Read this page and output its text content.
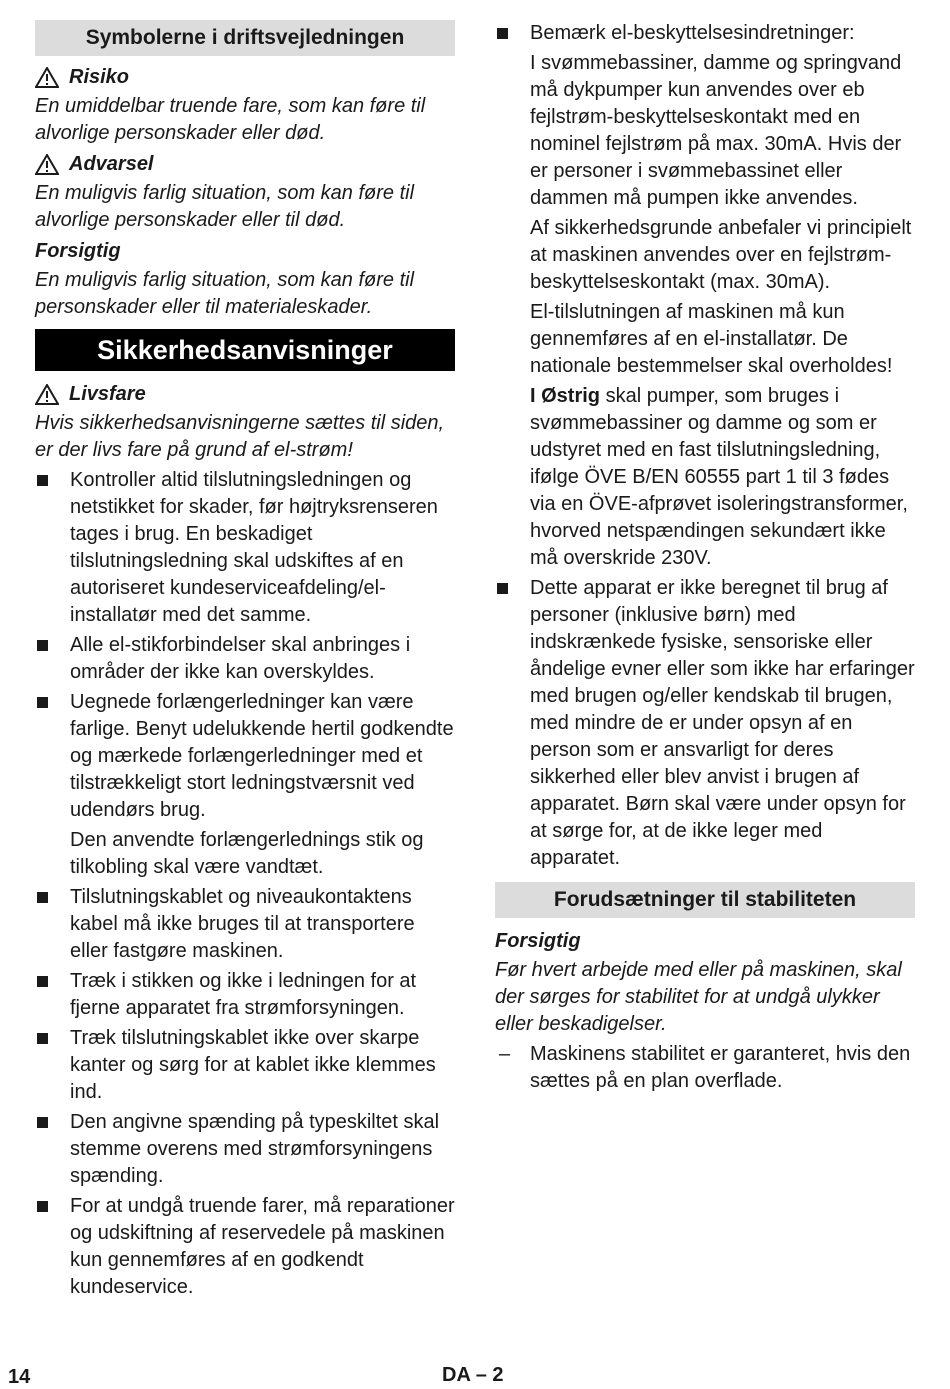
Symbolerne i driftsvejledningen
Risiko
En umiddelbar truende fare, som kan føre til alvorlige personskader eller død.
Advarsel
En muligvis farlig situation, som kan føre til alvorlige personskader eller til død.
Forsigtig
En muligvis farlig situation, som kan føre til personskader eller til materialeskader.
Sikkerhedsanvisninger
Livsfare
Hvis sikkerhedsanvisningerne sættes til siden, er der livs fare på grund af el-strøm!
Kontroller altid tilslutningsledningen og netstikket for skader, før højtryksrenseren tages i brug. En beskadiget tilslutningsledning skal udskiftes af en autoriseret kundeserviceafdeling/el-installatør med det samme.
Alle el-stikforbindelser skal anbringes i områder der ikke kan overskyldes.
Uegnede forlængerledninger kan være farlige. Benyt udelukkende hertil godkendte og mærkede forlængerledninger med et tilstrækkeligt stort ledningstværsnit ved udendørs brug.
Den anvendte forlængerlednings stik og tilkobling skal være vandtæt.
Tilslutningskablet og niveaukontaktens kabel må ikke bruges til at transportere eller fastgøre maskinen.
Træk i stikken og ikke i ledningen for at fjerne apparatet fra strømforsyningen.
Træk tilslutningskablet ikke over skarpe kanter og sørg for at kablet ikke klemmes ind.
Den angivne spænding på typeskiltet skal stemme overens med strømforsyningens spænding.
For at undgå truende farer, må reparationer og udskiftning af reservedele på maskinen kun gennemføres af en godkendt kundeservice.
Bemærk el-beskyttelsesindretninger:
I svømmebassiner, damme og springvand må dykpumper kun anvendes over eb fejlstrøm-beskyttelseskontakt med en nominel fejlstrøm på max. 30mA. Hvis der er personer i svømmebassinet eller dammen må pumpen ikke anvendes.
Af sikkerhedsgrunde anbefaler vi principielt at maskinen anvendes over en fejlstrøm-beskyttelseskontakt (max. 30mA).
El-tilslutningen af maskinen må kun gennemføres af en el-installatør. De nationale bestemmelser skal overholdes!
I Østrig skal pumper, som bruges i svømmebassiner og damme og som er udstyret med en fast tilslutningsledning, ifølge ÖVE B/EN 60555 part 1 til 3 fødes via en ÖVE-afprøvet isoleringstransformer, hvorved netspændingen sekundært ikke må overskride 230V.
Dette apparat er ikke beregnet til brug af personer (inklusive børn) med indskrænkede fysiske, sensoriske eller åndelige evner eller som ikke har erfaringer med brugen og/eller kendskab til brugen, med mindre de er under opsyn af en person som er ansvarligt for deres sikkerhed eller blev anvist i brugen af apparatet. Børn skal være under opsyn for at sørge for, at de ikke leger med apparatet.
Forudsætninger til stabiliteten
Forsigtig
Før hvert arbejde med eller på maskinen, skal der sørges for stabilitet for at undgå ulykker eller beskadigelser.
– Maskinens stabilitet er garanteret, hvis den sættes på en plan overflade.
14	DA – 2
